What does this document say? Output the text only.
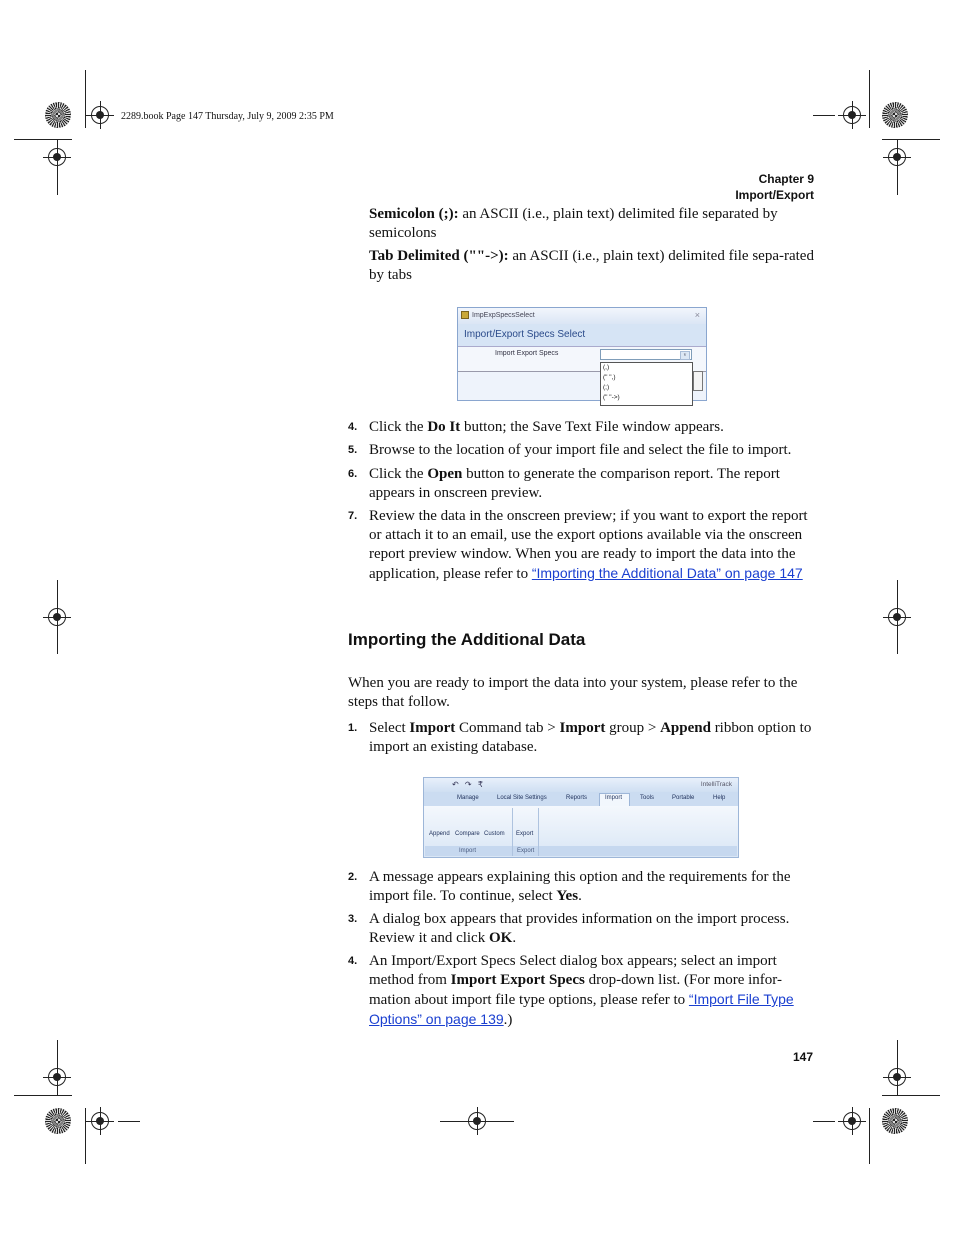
2289.book Page 147 Thursday, July 9, 2009 2:35 PM
Chapter 9
Import/Export
Semicolon (;): an ASCII (i.e., plain text) delimited file separated by semicolons
Tab Delimited (""->): an ASCII (i.e., plain text) delimited file sepa-rated by tabs
ImpExpSpecsSelect	×
Import/Export Specs Select
Import Export Specs	v
(,)
(" ",)
(;)
(" "->)
4. Click the Do It button; the Save Text File window appears.
5. Browse to the location of your import file and select the file to import.
6. Click the Open button to generate the comparison report. The report appears in onscreen preview.
7. Review the data in the onscreen preview; if you want to export the report or attach it to an email, use the export options available via the onscreen report preview window. When you are ready to import the data into the application, please refer to “Importing the Additional Data” on page 147
Importing the Additional Data
When you are ready to import the data into your system, please refer to the steps that follow.
1. Select Import Command tab > Import group > Append ribbon option to import an existing database.
↶ ↷ ₹	IntelliTrack
Manage	Local Site Settings	Reports	Import	Tools	Portable	Help
Append Compare Custom Export
Import	Export
2. A message appears explaining this option and the requirements for the import file. To continue, select Yes.
3. A dialog box appears that provides information on the import process. Review it and click OK.
4. An Import/Export Specs Select dialog box appears; select an import method from Import Export Specs drop-down list. (For more infor-mation about import file type options, please refer to “Import File Type Options” on page 139.)
147
